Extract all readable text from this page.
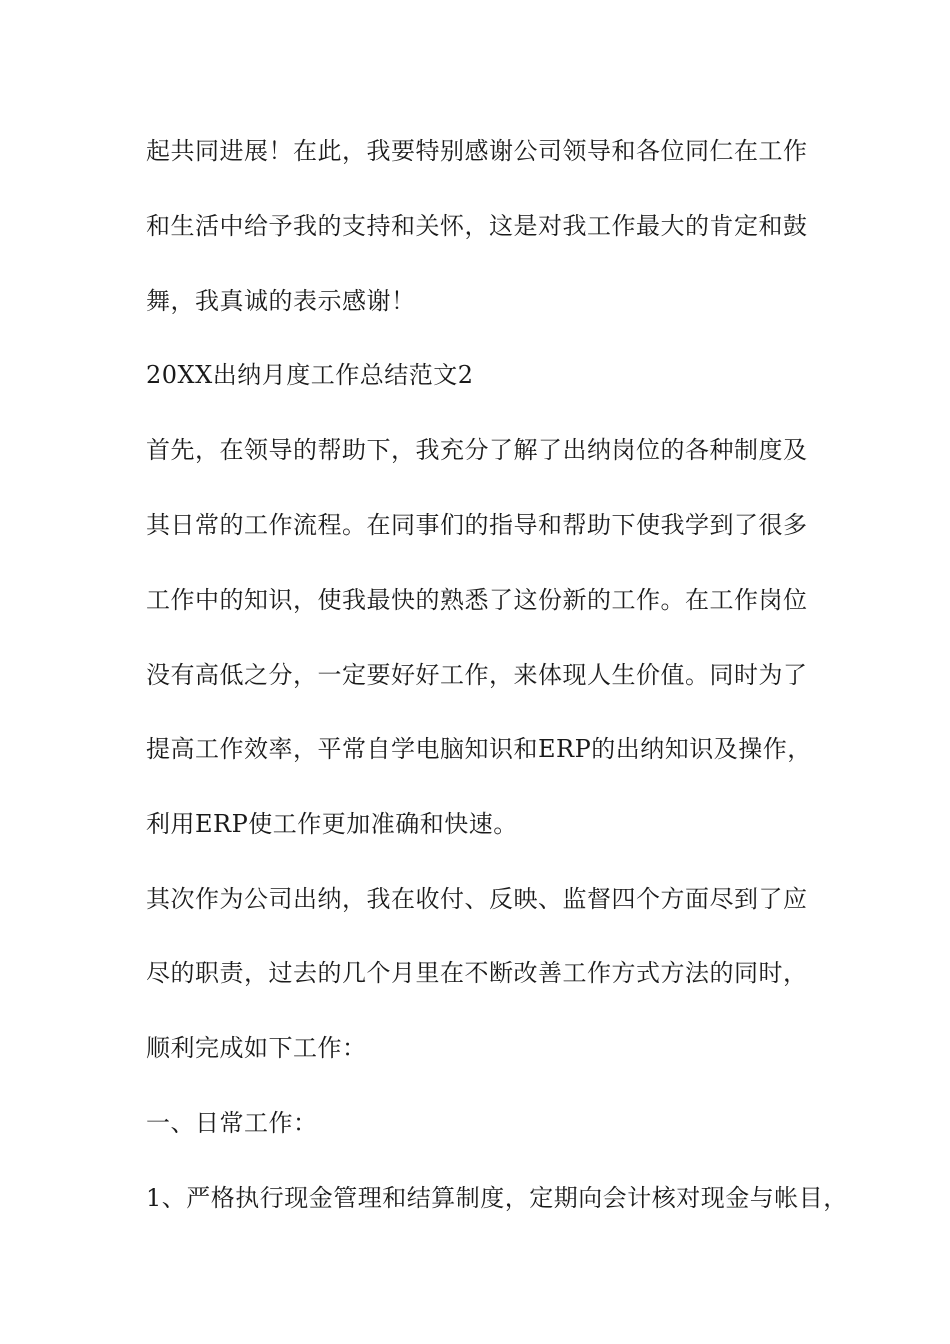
起共同进展！在此，我要特别感谢公司领导和各位同仁在工作
和生活中给予我的支持和关怀，这是对我工作最大的肯定和鼓
舞，我真诚的表示感谢！
20XX出纳月度工作总结范文2
首先，在领导的帮助下，我充分了解了出纳岗位的各种制度及
其日常的工作流程。在同事们的指导和帮助下使我学到了很多
工作中的知识，使我最快的熟悉了这份新的工作。在工作岗位
没有高低之分，一定要好好工作，来体现人生价值。同时为了
提高工作效率，平常自学电脑知识和ERP的出纳知识及操作，
利用ERP使工作更加准确和快速。
其次作为公司出纳，我在收付、反映、监督四个方面尽到了应
尽的职责，过去的几个月里在不断改善工作方式方法的同时，
顺利完成如下工作：
一、日常工作：
1、严格执行现金管理和结算制度，定期向会计核对现金与帐目，
